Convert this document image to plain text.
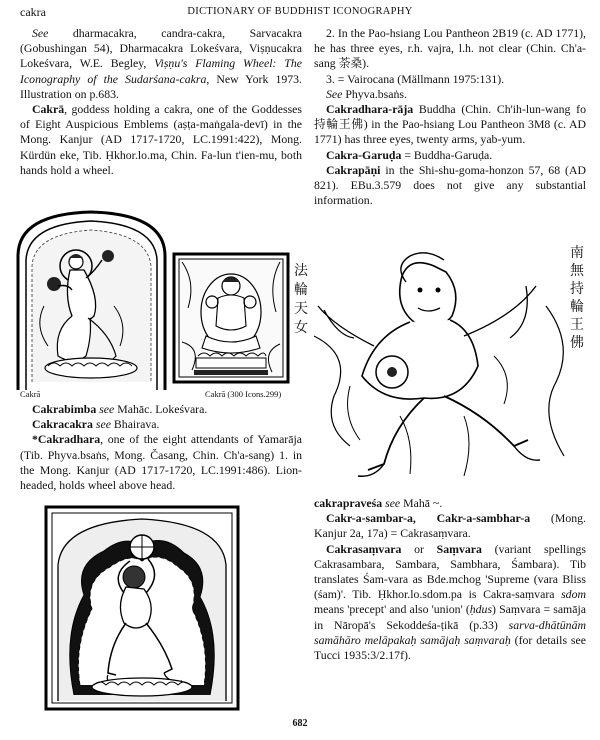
cakra	DICTIONARY OF BUDDHIST ICONOGRAPHY

See dharmacakra, candra-cakra, Sarvacakra (Gobushingan 54), Dharmacakra Lokeśvara, Viṣṇucakra Lokeśvara, W.E. Begley, Viṣṇu's Flaming Wheel: The Iconography of the Sudarśana-cakra, New York 1973. Illustration on p.683.

Cakrā, goddess holding a cakra, one of the Goddesses of Eight Auspicious Emblems (aṣṭa-maṅgala-devī) in the Mong. Kanjur (AD 1717-1720, LC.1991:422), Mong. Kürdün eke, Tib. Ḥkhor.lo.ma, Chin. Fa-lun t'ien-mu, both hands hold a wheel.

法輪天女
Cakrā	Cakrā (300 Icons.299)

Cakrabimba see Mahāc. Lokeśvara.

Cakracakra see Bhairava.

*Cakradhara, one of the eight attendants of Yamarāja (Tib. Phyva.bsaṅs, Mong. Časang, Chin. Ch'a-sang) 1. in the Mong. Kanjur (AD 1717-1720, LC.1991:486). Lion-headed, holds wheel above head.

2. In the Pao-hsiang Lou Pantheon 2B19 (c. AD 1771), he has three eyes, r.h. vajra, l.h. not clear (Chin. Ch'a-sang 荼桑).

3. = Vairocana (Mällmann 1975:131).

See Phyva.bsaṅs.

Cakradhara-rāja Buddha (Chin. Ch'ih-lun-wang fo 持輪王佛) in the Pao-hsiang Lou Pantheon 3M8 (c. AD 1771) has three eyes, twenty arms, yab-yum.

Cakra-Garuḍa = Buddha-Garuḍa.

Cakrapāṇi in the Shi-shu-goma-honzon 57, 68 (AD 821). EBu.3.579 does not give any substantial information.

南無持輪王佛

cakrapraveśa see Mahā ~.

Cakr-a-sambar-a, Cakr-a-sambhar-a (Mong. Kanjur 2a, 17a) = Cakrasaṃvara.

Cakrasaṃvara or Saṃvara (variant spellings Cakrasambara, Sambara, Sambhara, Śambara). Tib translates Śam-vara as Bde.mchog 'Supreme (vara Bliss (śam)'. Tib. Ḥkhor.lo.sdom.pa is Cakra-saṃvara sdom means 'precept' and also 'union' (ḥdus) Saṃvara = samāja in Nāropā's Sekoddeśa-ṭikā (p.33) sarva-dhātūnām samāhāro melāpakaḥ samājaḥ saṃvaraḥ (for details see Tucci 1935:3/2.17f).

682
